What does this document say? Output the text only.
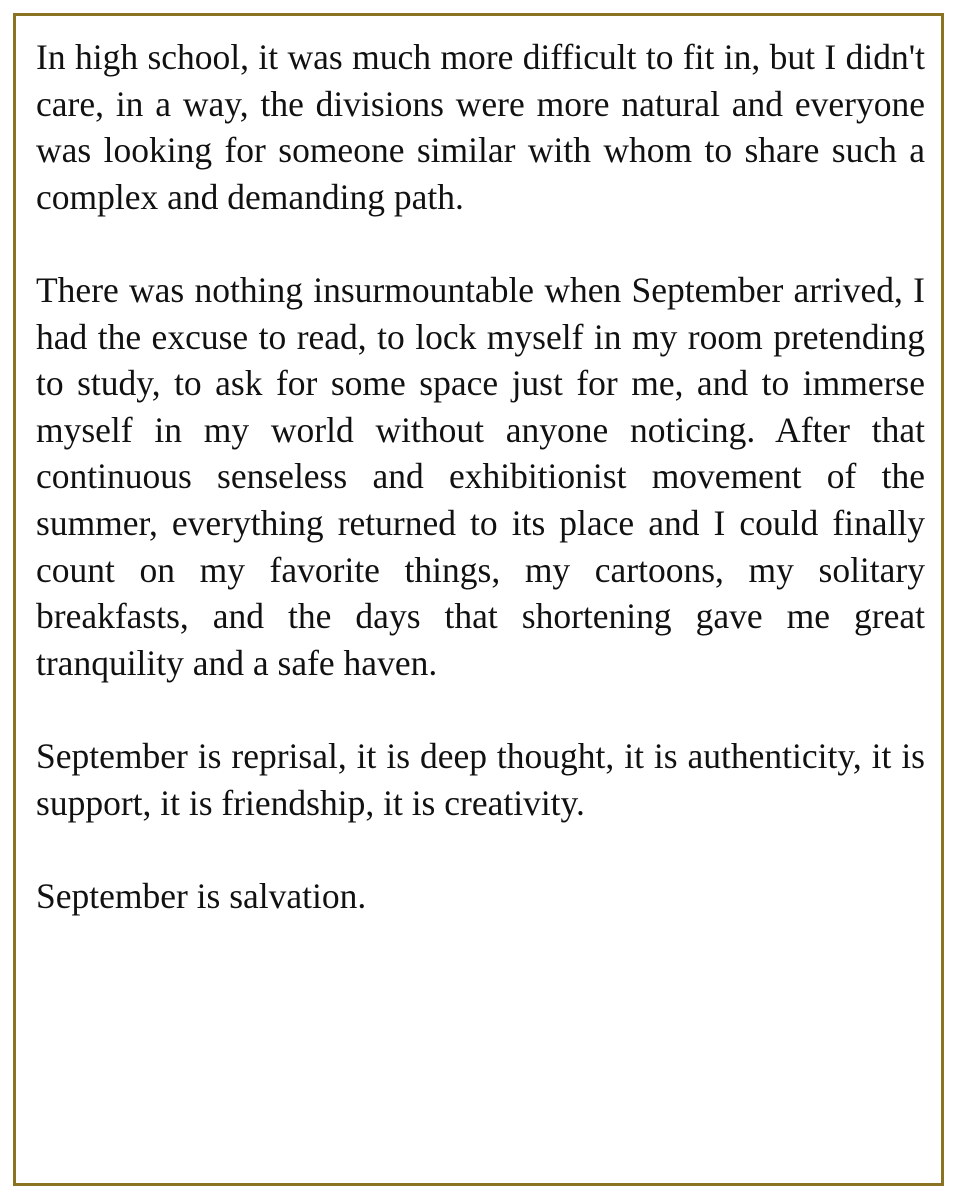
In high school, it was much more difficult to fit in, but I didn't care, in a way, the divisions were more natural and everyone was looking for someone similar with whom to share such a complex and demanding path.

There was nothing insurmountable when September arrived, I had the excuse to read, to lock myself in my room pretending to study, to ask for some space just for me, and to immerse myself in my world without anyone noticing. After that continuous senseless and exhibitionist movement of the summer, everything returned to its place and I could finally count on my favorite things, my cartoons, my solitary breakfasts, and the days that shortening gave me great tranquility and a safe haven.

September is reprisal, it is deep thought, it is authenticity, it is support, it is friendship, it is creativity.

September is salvation.
